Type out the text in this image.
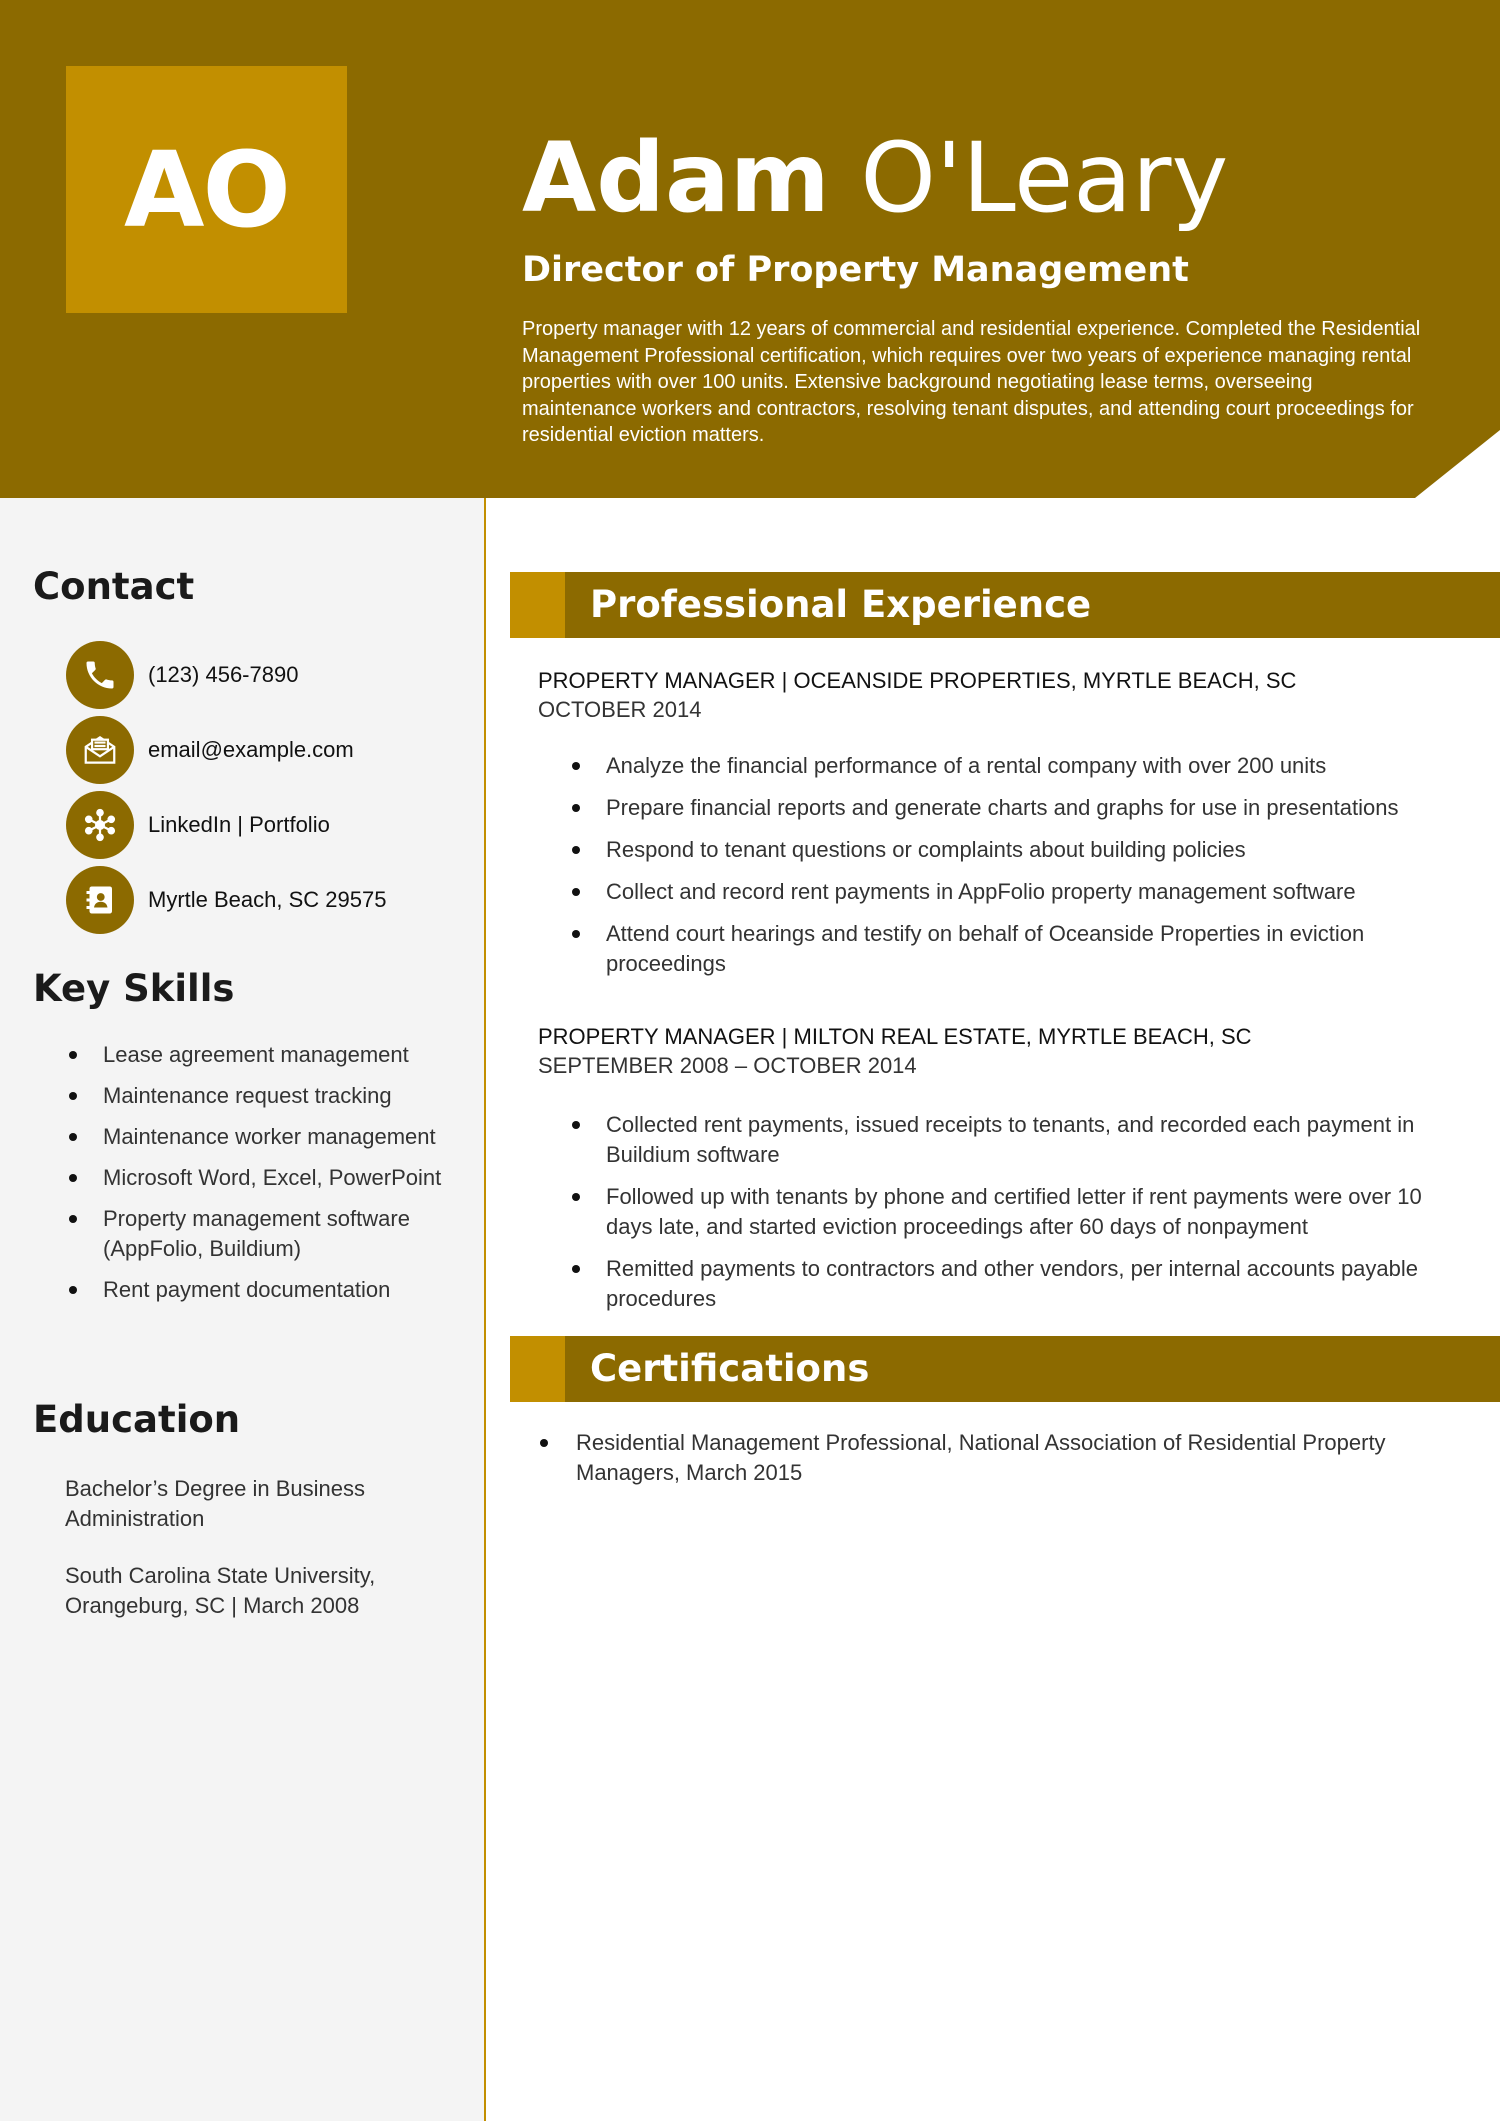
AO Adam O'Leary
Director of Property Management

Property manager with 12 years of commercial and residential experience. Completed the Residential Management Professional certification, which requires over two years of experience managing rental properties with over 100 units. Extensive background negotiating lease terms, overseeing maintenance workers and contractors, resolving tenant disputes, and attending court proceedings for residential eviction matters.

Contact
(123) 456-7890
email@example.com
LinkedIn | Portfolio
Myrtle Beach, SC 29575
Key Skills
Lease agreement management
Maintenance request tracking
Maintenance worker management
Microsoft Word, Excel, PowerPoint
Property management software (AppFolio, Buildium)
Rent payment documentation
Education

Bachelor’s Degree in Business Administration

South Carolina State University, Orangeburg, SC | March 2008

Professional Experience
PROPERTY MANAGER | OCEANSIDE PROPERTIES, MYRTLE BEACH, SC
OCTOBER 2014
Analyze the financial performance of a rental company with over 200 units
Prepare financial reports and generate charts and graphs for use in presentations
Respond to tenant questions or complaints about building policies
Collect and record rent payments in AppFolio property management software
Attend court hearings and testify on behalf of Oceanside Properties in eviction proceedings
PROPERTY MANAGER | MILTON REAL ESTATE, MYRTLE BEACH, SC
SEPTEMBER 2008 – OCTOBER 2014
Collected rent payments, issued receipts to tenants, and recorded each payment in Buildium software
Followed up with tenants by phone and certified letter if rent payments were over 10 days late, and started eviction proceedings after 60 days of nonpayment
Remitted payments to contractors and other vendors, per internal accounts payable procedures
Certifications
Residential Management Professional, National Association of Residential Property Managers, March 2015
